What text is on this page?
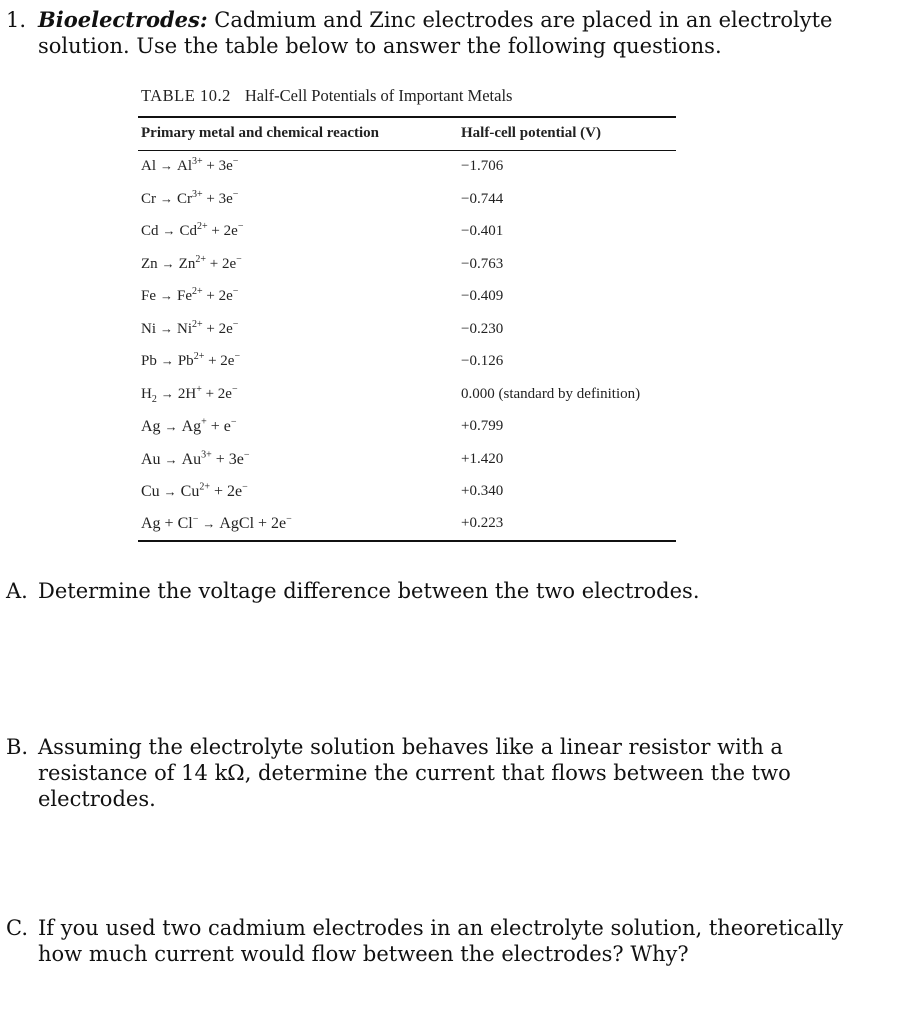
1. Bioelectrodes: Cadmium and Zinc electrodes are placed in an electrolyte solution. Use the table below to answer the following questions.
TABLE 10.2 Half-Cell Potentials of Important Metals
Primary metal and chemical reaction	Half-cell potential (V)
$Al \to Al^{3+} + 3e^-$	−1.706
$Cr \to Cr^{3+} + 3e^-$	−0.744
$Cd \to Cd^{2+} + 2e^-$	−0.401
$Zn \to Zn^{2+} + 2e^-$	−0.763
$Fe \to Fe^{2+} + 2e^-$	−0.409
$Ni \to Ni^{2+} + 2e^-$	−0.230
$Pb \to Pb^{2+} + 2e^-$	−0.126
$H_2 \to 2H^+ + 2e^-$	0.000 (standard by definition)
Ag → Ag+ + e−	+0.799
$Au \to Au^{3+} + 3e^-$	+1.420
$Cu \to Cu^{2+} + 2e^-$	+0.340
Ag + Cl− → AgCl + 2e−	+0.223
A. Determine the voltage difference between the two electrodes.
B. Assuming the electrolyte solution behaves like a linear resistor with a resistance of 14 kΩ, determine the current that flows between the two electrodes.
C. If you used two cadmium electrodes in an electrolyte solution, theoretically how much current would flow between the electrodes? Why?
